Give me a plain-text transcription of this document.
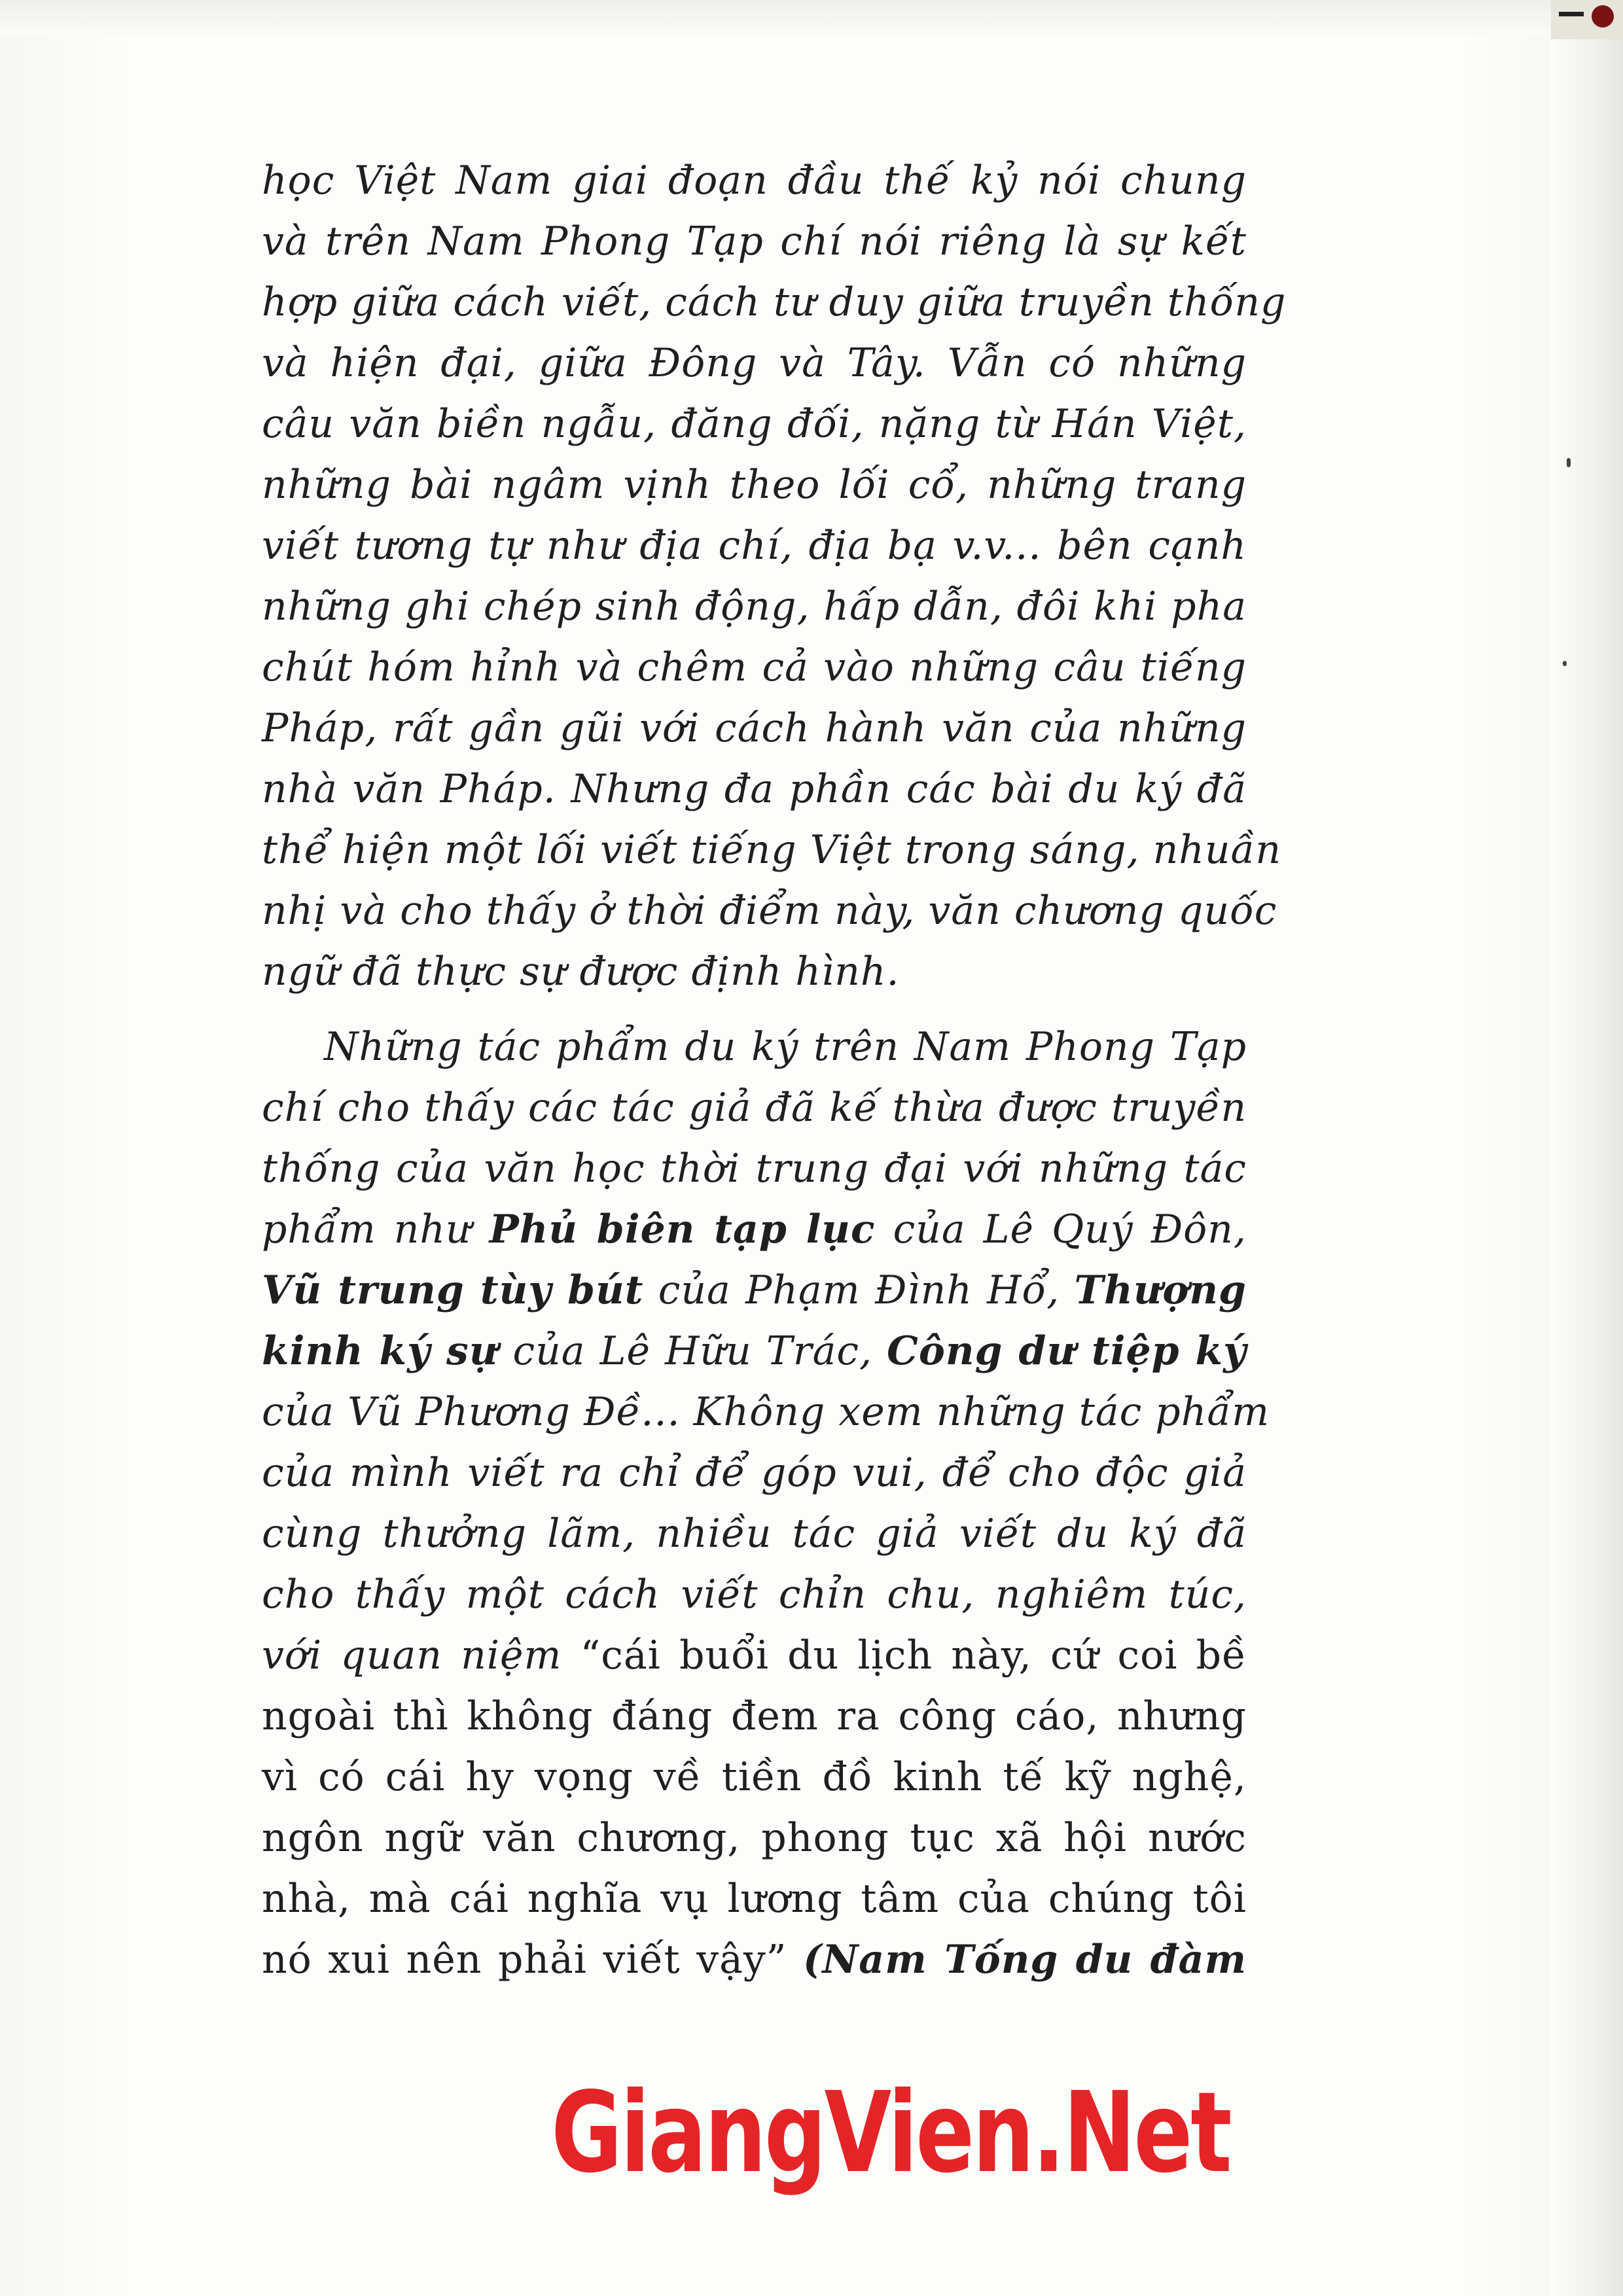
học Việt Nam giai đoạn đầu thế kỷ nói chung
và trên Nam Phong Tạp chí nói riêng là sự kết
hợp giữa cách viết, cách tư duy giữa truyền thống
và hiện đại, giữa Đông và Tây. Vẫn có những
câu văn biền ngẫu, đăng đối, nặng từ Hán Việt,
những bài ngâm vịnh theo lối cổ, những trang
viết tương tự như địa chí, địa bạ v.v... bên cạnh
những ghi chép sinh động, hấp dẫn, đôi khi pha
chút hóm hỉnh và chêm cả vào những câu tiếng
Pháp, rất gần gũi với cách hành văn của những
nhà văn Pháp. Nhưng đa phần các bài du ký đã
thể hiện một lối viết tiếng Việt trong sáng, nhuần
nhị và cho thấy ở thời điểm này, văn chương quốc
ngữ đã thực sự được định hình.
Những tác phẩm du ký trên Nam Phong Tạp
chí cho thấy các tác giả đã kế thừa được truyền
thống của văn học thời trung đại với những tác
phẩm như Phủ biên tạp lục của Lê Quý Đôn,
Vũ trung tùy bút của Phạm Đình Hổ, Thượng
kinh ký sự của Lê Hữu Trác, Công dư tiệp ký
của Vũ Phương Đề... Không xem những tác phẩm
của mình viết ra chỉ để góp vui, để cho độc giả
cùng thưởng lãm, nhiều tác giả viết du ký đã
cho thấy một cách viết chỉn chu, nghiêm túc,
với quan niệm “cái buổi du lịch này, cứ coi bề
ngoài thì không đáng đem ra công cáo, nhưng
vì có cái hy vọng về tiền đồ kinh tế kỹ nghệ,
ngôn ngữ văn chương, phong tục xã hội nước
nhà, mà cái nghĩa vụ lương tâm của chúng tôi
nó xui nên phải viết vậy” (Nam Tống du đàm
GiangVien.Net
